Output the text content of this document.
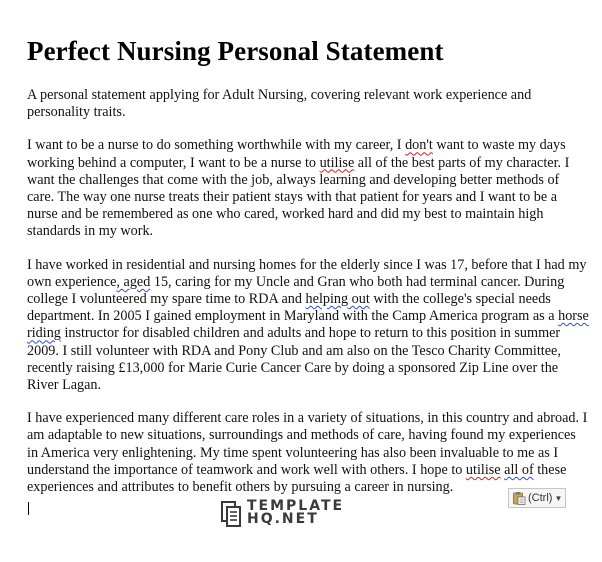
Perfect Nursing Personal Statement

A personal statement applying for Adult Nursing, covering relevant work experience and personality traits.

I want to be a nurse to do something worthwhile with my career, I don't want to waste my days working behind a computer, I want to be a nurse to utilise all of the best parts of my character. I want the challenges that come with the job, always learning and developing better methods of care. The way one nurse treats their patient stays with that patient for years and I want to be a nurse and be remembered as one who cared, worked hard and did my best to maintain high standards in my work.

I have worked in residential and nursing homes for the elderly since I was 17, before that I had my own experience, aged 15, caring for my Uncle and Gran who both had terminal cancer. During college I volunteered my spare time to RDA and helping out with the college's special needs department. In 2005 I gained employment in Maryland with the Camp America program as a horse riding instructor for disabled children and adults and hope to return to this position in summer 2009. I still volunteer with RDA and Pony Club and am also on the Tesco Charity Committee, recently raising £13,000 for Marie Curie Cancer Care by doing a sponsored Zip Line over the River Lagan.

I have experienced many different care roles in a variety of situations, in this country and abroad. I am adaptable to new situations, surroundings and methods of care, having found my experiences in America very enlightening. My time spent volunteering has also been invaluable to me as I understand the importance of teamwork and work well with others. I hope to utilise all of these experiences and attributes to benefit others by pursuing a career in nursing.

(Ctrl) ▼
TEMPLATE
HQ.NET
